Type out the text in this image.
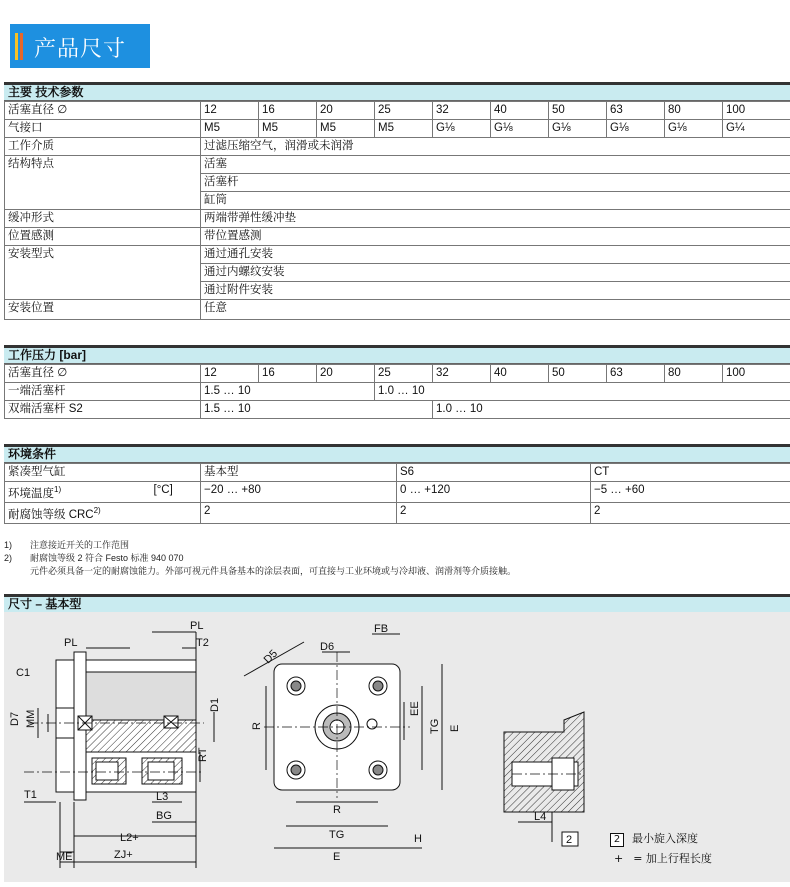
产品尺寸
主要 技术参数
活塞直径 ∅	12	16	20	25	32	40	50	63	80	100
气接口	M5	M5	M5	M5	G⅛	G⅛	G⅛	G⅛	G⅛	G¼
工作介质	过滤压缩空气，润滑或未润滑									
结构特点	活塞									
	活塞杆									
	缸筒									
缓冲形式	两端带弹性缓冲垫									
位置感测	带位置感测									
安装型式	通过通孔安装									
	通过内螺纹安装									
	通过附件安装									
安装位置	任意									
工作压力 [bar]
活塞直径 ∅	12	16	20	25	32	40	50	63	80	100
一端活塞杆	1.5 … 10			1.0 … 10						
双端活塞杆 S2	1.5 … 10				1.0 … 10					
环境条件
紧凑型气缸		基本型	S6	CT
环境温度$^{1)}$	[°C]	−20 … +80	0 … +120	−5 … +60
耐腐蚀等级 CRC$^{2)}$		2	2	2
1)	注意接近开关的工作范围
2)	耐腐蚀等级 2 符合 Festo 标准 940 070
元件必须具备一定的耐腐蚀能力。外部可视元件具备基本的涂层表面，可直接与工业环境或与冷却液、润滑剂等介质接触。
尺寸 – 基本型
PL
PL	T2
C1
D7 MM
D1
RT
T1	L3
BG
L2+
ME	ZJ+
D5
D6
FB
R
EE
TG E
R
TG
E
H
L4
2	2 最小旋入深度
+ = 加上行程长度
